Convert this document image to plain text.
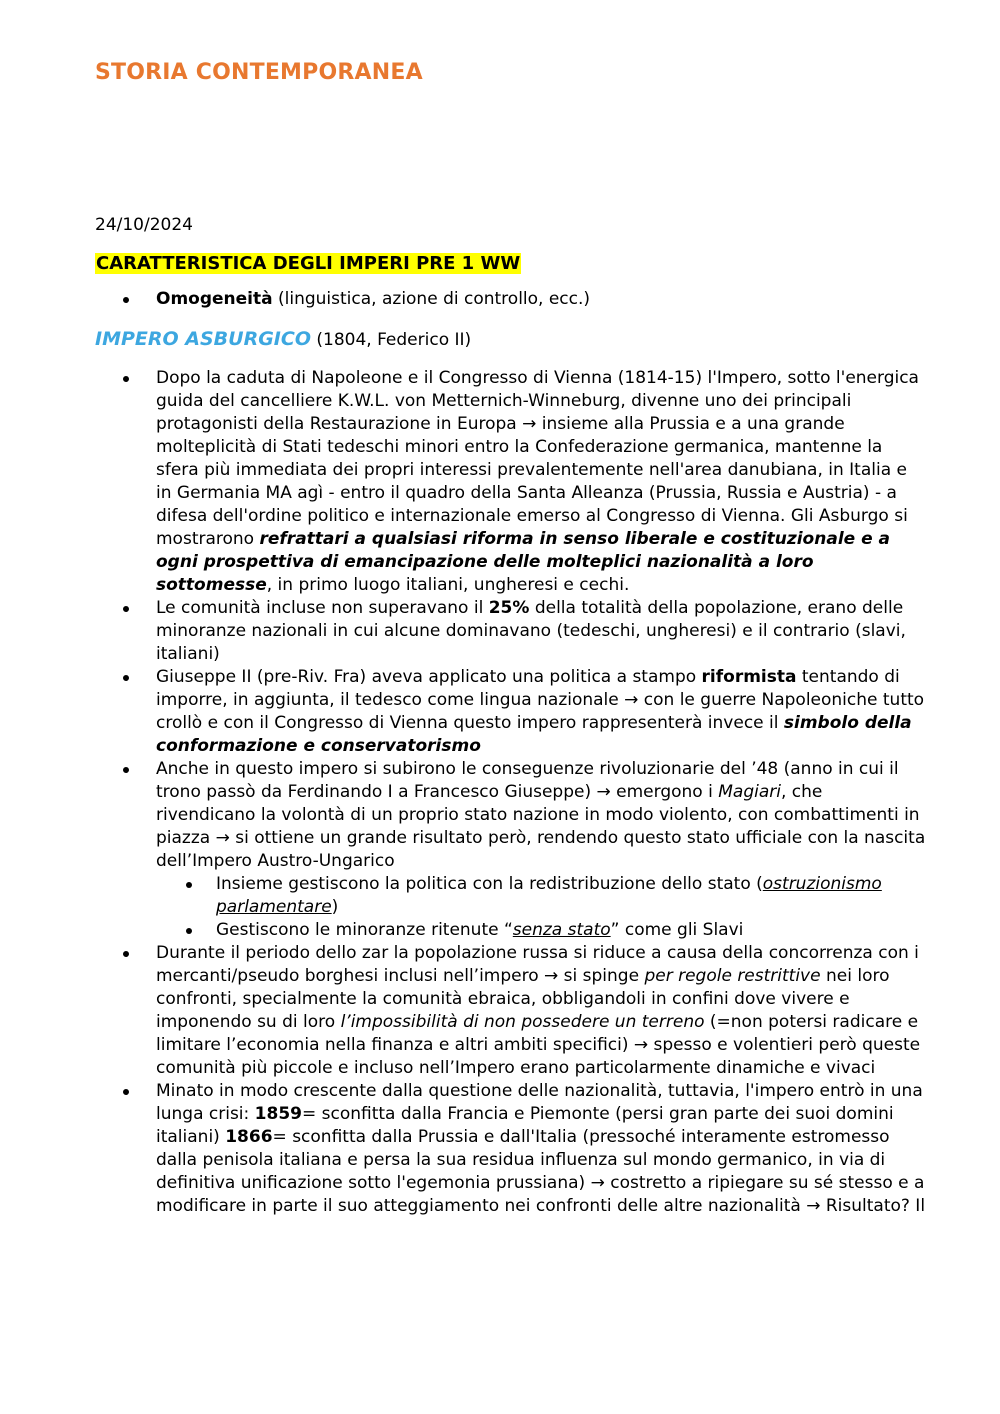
STORIA CONTEMPORANEA
24/10/2024
CARATTERISTICA DEGLI IMPERI PRE 1 WW
Omogeneità (linguistica, azione di controllo, ecc.)
IMPERO ASBURGICO (1804, Federico II)
Dopo la caduta di Napoleone e il Congresso di Vienna (1814-15) l'Impero, sotto l'energica guida del cancelliere K.W.L. von Metternich-Winneburg, divenne uno dei principali protagonisti della Restaurazione in Europa → insieme alla Prussia e a una grande molteplicità di Stati tedeschi minori entro la Confederazione germanica, mantenne la sfera più immediata dei propri interessi prevalentemente nell'area danubiana, in Italia e in Germania MA agì - entro il quadro della Santa Alleanza (Prussia, Russia e Austria) - a difesa dell'ordine politico e internazionale emerso al Congresso di Vienna. Gli Asburgo si mostrarono refrattari a qualsiasi riforma in senso liberale e costituzionale e a ogni prospettiva di emancipazione delle molteplici nazionalità a loro sottomesse, in primo luogo italiani, ungheresi e cechi.
Le comunità incluse non superavano il 25% della totalità della popolazione, erano delle minoranze nazionali in cui alcune dominavano (tedeschi, ungheresi) e il contrario (slavi, italiani)
Giuseppe II (pre-Riv. Fra) aveva applicato una politica a stampo riformista tentando di imporre, in aggiunta, il tedesco come lingua nazionale → con le guerre Napoleoniche tutto crollò e con il Congresso di Vienna questo impero rappresenterà invece il simbolo della conformazione e conservatorismo
Anche in questo impero si subirono le conseguenze rivoluzionarie del ’48 (anno in cui il trono passò da Ferdinando I a Francesco Giuseppe) → emergono i Magiari, che rivendicano la volontà di un proprio stato nazione in modo violento, con combattimenti in piazza → si ottiene un grande risultato però, rendendo questo stato ufficiale con la nascita dell’Impero Austro-Ungarico
Insieme gestiscono la politica con la redistribuzione dello stato (ostruzionismo parlamentare)
Gestiscono le minoranze ritenute “senza stato” come gli Slavi
Durante il periodo dello zar la popolazione russa si riduce a causa della concorrenza con i mercanti/pseudo borghesi inclusi nell’impero → si spinge per regole restrittive nei loro confronti, specialmente la comunità ebraica, obbligandoli in confini dove vivere e imponendo su di loro l’impossibilità di non possedere un terreno (=non potersi radicare e limitare l’economia nella finanza e altri ambiti specifici) → spesso e volentieri però queste comunità più piccole e incluso nell’Impero erano particolarmente dinamiche e vivaci
Minato in modo crescente dalla questione delle nazionalità, tuttavia, l'impero entrò in una lunga crisi: 1859= sconfitta dalla Francia e Piemonte (persi gran parte dei suoi domini italiani) 1866= sconfitta dalla Prussia e dall'Italia (pressoché interamente estromesso dalla penisola italiana e persa la sua residua influenza sul mondo germanico, in via di definitiva unificazione sotto l'egemonia prussiana) → costretto a ripiegare su sé stesso e a modificare in parte il suo atteggiamento nei confronti delle altre nazionalità → Risultato? Il
